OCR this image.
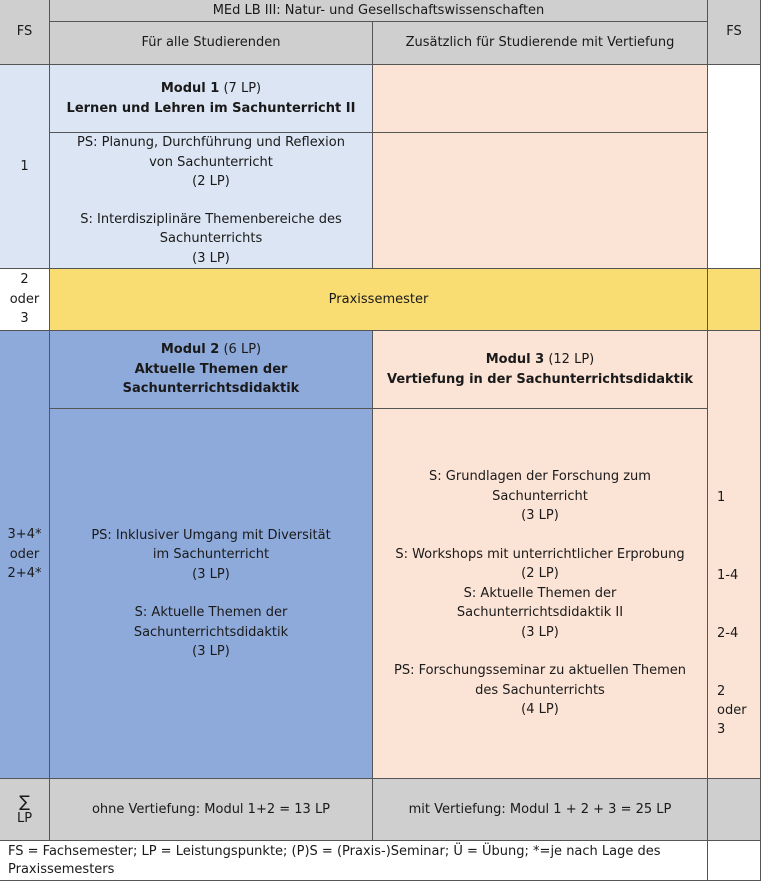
FS
MEd LB III: Natur- und Gesellschaftswissenschaften
Für alle Studierenden	Zusätzlich für Studierende mit Vertiefung
FS
1
Modul 1 (7 LP)
Lernen und Lehren im Sachunterricht II
PS: Planung, Durchführung und Reflexion
von Sachunterricht
(2 LP)
S: Interdisziplinäre Themenbereiche des
Sachunterrichts
(3 LP)
2
oder
3
Praxissemester
3+4*
oder
2+4*
Modul 2 (6 LP)
Aktuelle Themen der Sachunterrichtsdidaktik
Modul 3 (12 LP)
Vertiefung in der Sachunterrichtsdidaktik
PS: Inklusiver Umgang mit Diversität
im Sachunterricht
(3 LP)
S: Aktuelle Themen der
Sachunterrichtsdidaktik
(3 LP)
S: Grundlagen der Forschung zum
Sachunterricht
(3 LP)
S: Workshops mit unterrichtlicher Erprobung
(2 LP)
S: Aktuelle Themen der
Sachunterrichtsdidaktik II
(3 LP)
PS: Forschungsseminar zu aktuellen Themen
des Sachunterrichts
(4 LP)
1
1-4
2-4
2
oder
3
∑
LP
ohne Vertiefung: Modul 1+2 = 13 LP	mit Vertiefung: Modul 1 + 2 + 3 = 25 LP
FS = Fachsemester; LP = Leistungspunkte; (P)S = (Praxis-)Seminar; Ü = Übung; *=je nach Lage des Praxissemesters
